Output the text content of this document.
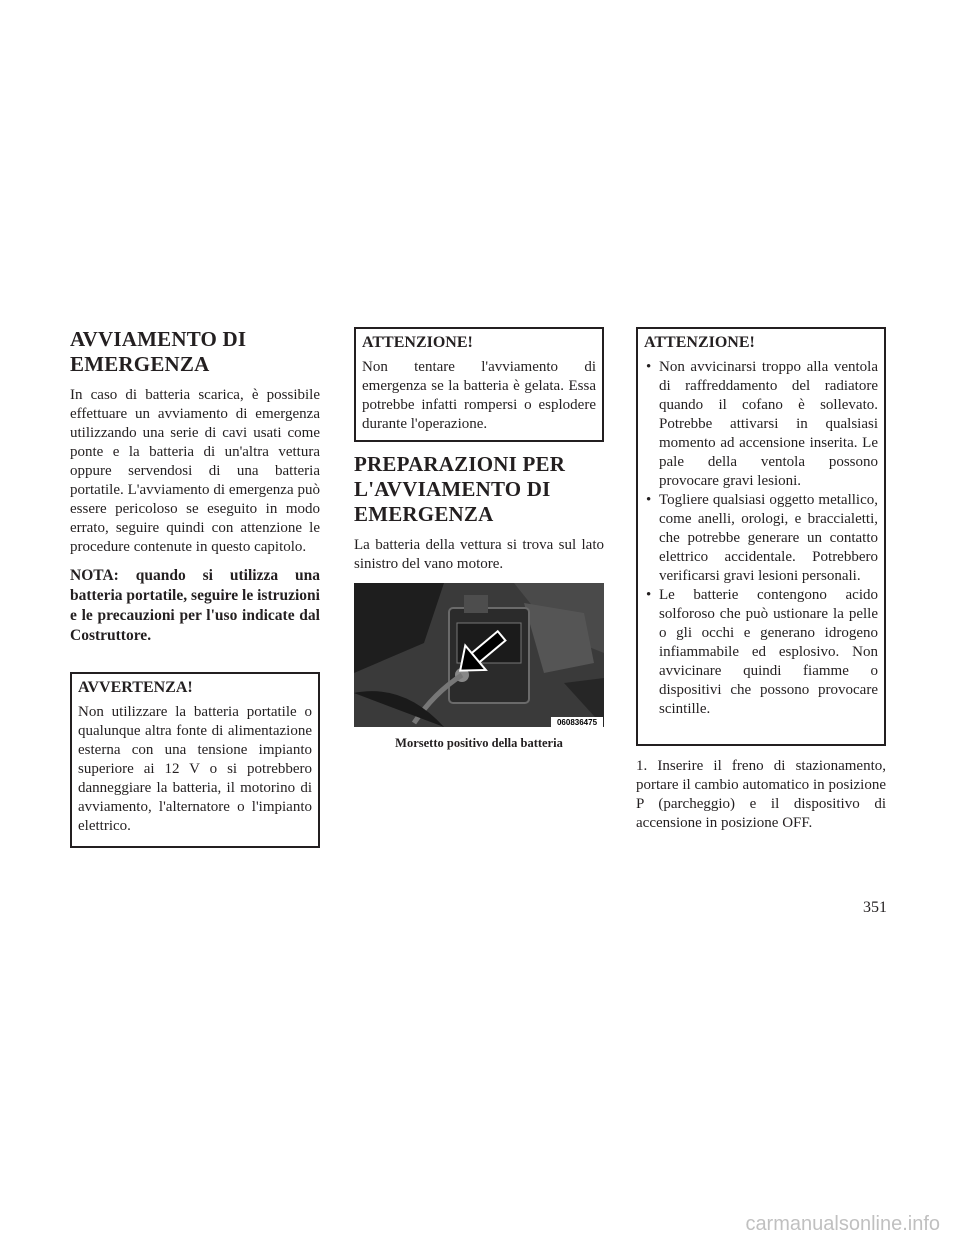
AVVIAMENTO DI EMERGENZA

In caso di batteria scarica, è possibile effettuare un avviamento di emergenza utilizzando una serie di cavi usati come ponte e la batteria di un'altra vettura oppure servendosi di una batteria portatile. L'avviamento di emergenza può essere pericoloso se eseguito in modo errato, seguire quindi con attenzione le procedure contenute in questo capitolo.

NOTA: quando si utilizza una batteria portatile, seguire le istruzioni e le precauzioni per l'uso indicate dal Costruttore.

AVVERTENZA!

Non utilizzare la batteria portatile o qualunque altra fonte di alimentazione esterna con una tensione impianto superiore ai 12 V o si potrebbero danneggiare la batteria, il motorino di avviamento, l'alternatore o l'impianto elettrico.

ATTENZIONE!

Non tentare l'avviamento di emergenza se la batteria è gelata. Essa potrebbe infatti rompersi o esplodere durante l'operazione.

PREPARAZIONI PER L'AVVIAMENTO DI EMERGENZA

La batteria della vettura si trova sul lato sinistro del vano motore.

060836475
Morsetto positivo della batteria
ATTENZIONE!
• Non avvicinarsi troppo alla ventola di raffreddamento del radiatore quando il cofano è sollevato. Potrebbe attivarsi in qualsiasi momento ad accensione inserita. Le pale della ventola possono provocare gravi lesioni.
• Togliere qualsiasi oggetto metallico, come anelli, orologi, e braccialetti, che potrebbe generare un contatto elettrico accidentale. Potrebbero verificarsi gravi lesioni personali.
• Le batterie contengono acido solforoso che può ustionare la pelle o gli occhi e generano idrogeno infiammabile ed esplosivo. Non avvicinare quindi fiamme o dispositivi che possono provocare scintille.

1. Inserire il freno di stazionamento, portare il cambio automatico in posizione P (parcheggio) e il dispositivo di accensione in posizione OFF.

351
carmanualsonline.info
